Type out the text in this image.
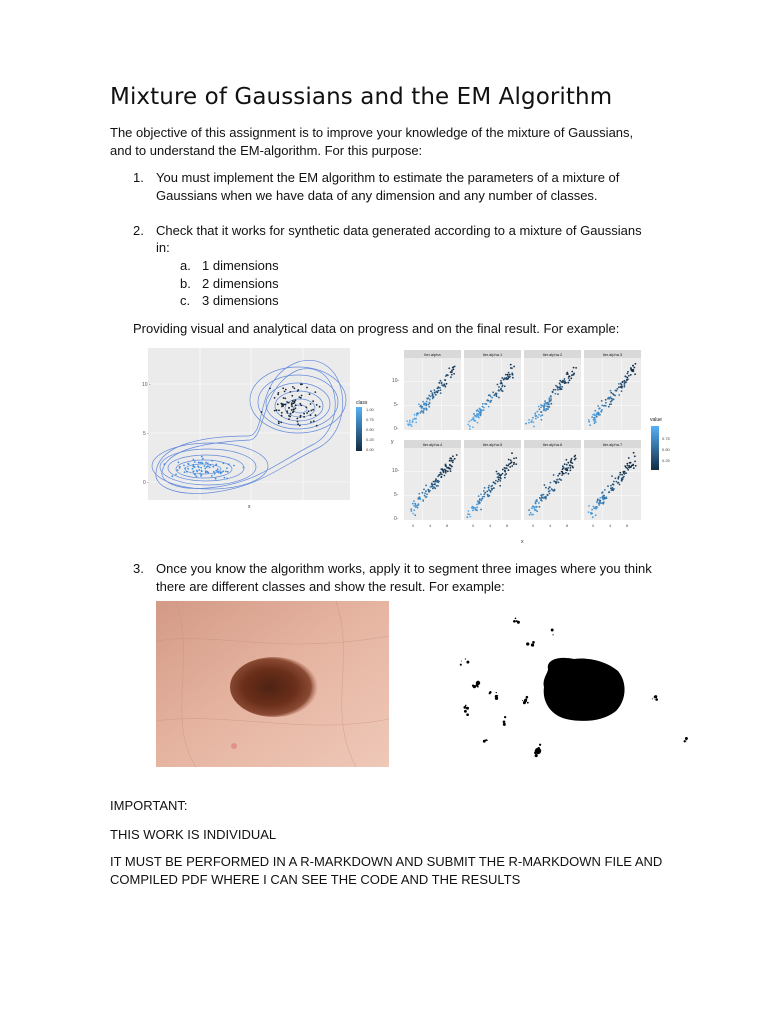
Mixture of Gaussians and the EM Algorithm
The objective of this assignment is to improve your knowledge of the mixture of Gaussians,
and to understand the EM-algorithm. For this purpose:
1. You must implement the EM algorithm to estimate the parameters of a mixture of
Gaussians when we have data of any dimension and any number of classes.
2. Check that it works for synthetic data generated according to a mixture of Gaussians
in:
a. 1 dimensions
b. 2 dimensions
c. 3 dimensions
Providing visual and analytical data on progress and on the final result. For example:
10 -
5 -
0 -
x
class
1.00
0.75
0.50
0.25
0.00
iter.alpha	iter.alpha.1	iter.alpha.2	iter.alpha.3
iter.alpha.4	iter.alpha.5	iter.alpha.6	iter.alpha.7
10-
5-
0-
10-
5-
0-
y
x
0	4	8	0	4	8	0	4	8	0	4	8
value
0.75
0.50
0.25
3. Once you know the algorithm works, apply it to segment three images where you think
there are different classes and show the result. For example:
IMPORTANT:
THIS WORK IS INDIVIDUAL
IT MUST BE PERFORMED IN A R-MARKDOWN AND SUBMIT THE R-MARKDOWN FILE AND
COMPILED PDF WHERE I CAN SEE THE CODE AND THE RESULTS
